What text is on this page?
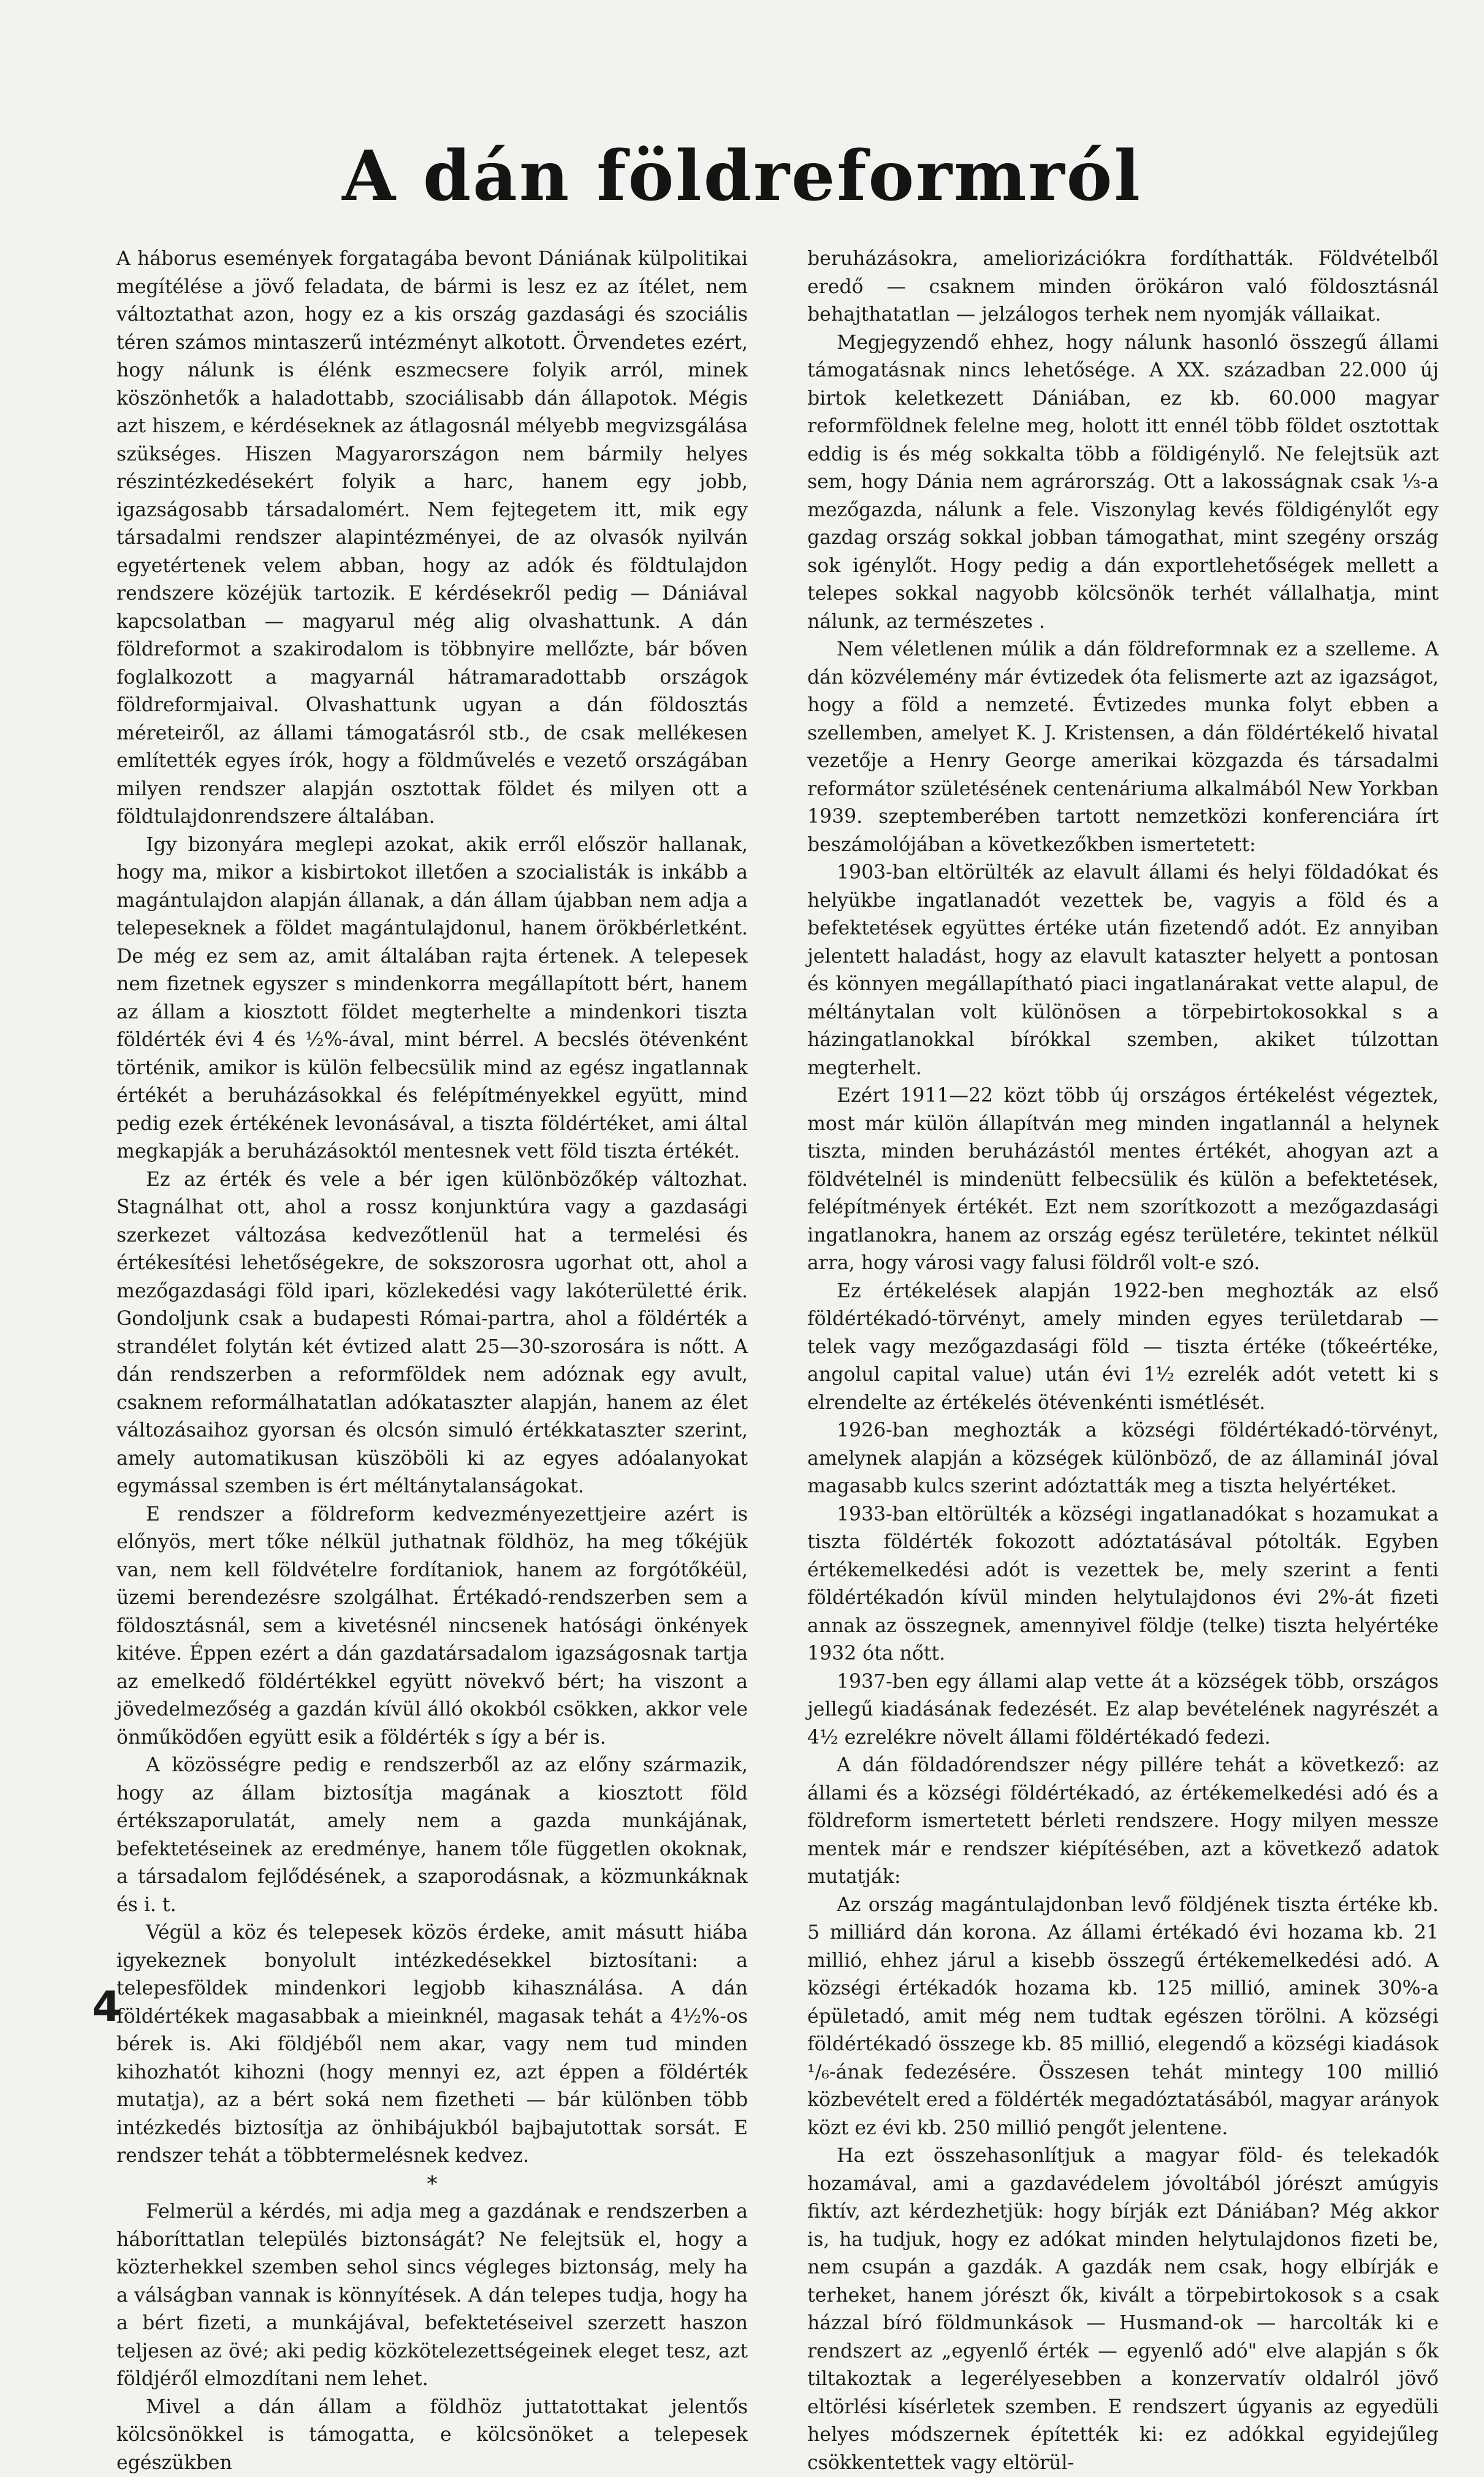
A dán földreformról

A háborus események forgatagába bevont Dániának külpolitikai megítélése a jövő feladata, de bármi is lesz ez az ítélet, nem változtathat azon, hogy ez a kis ország gazdasági és szociális téren számos mintaszerű intézményt alkotott. Örvendetes ezért, hogy nálunk is élénk eszmecsere folyik arról, minek köszönhetők a haladottabb, szociálisabb dán állapotok. Mégis azt hiszem, e kérdéseknek az átlagosnál mélyebb megvizsgálása szükséges. Hiszen Magyarországon nem bármily helyes részintézkedésekért folyik a harc, hanem egy jobb, igazságosabb társadalomért. Nem fejtegetem itt, mik egy társadalmi rendszer alapintézményei, de az olvasók nyilván egyetértenek velem abban, hogy az adók és földtulajdon rendszere közéjük tartozik. E kérdésekről pedig — Dániával kapcsolatban — magyarul még alig olvashattunk. A dán földreformot a szakirodalom is többnyire mellőzte, bár bőven foglalkozott a magyarnál hátramaradottabb országok földreformjaival. Olvashattunk ugyan a dán földosztás méreteiről, az állami támogatásról stb., de csak mellékesen említették egyes írók, hogy a földművelés e vezető országában milyen rendszer alapján osztottak földet és milyen ott a földtulajdonrendszere általában.

Igy bizonyára meglepi azokat, akik erről először hallanak, hogy ma, mikor a kisbirtokot illetően a szocialisták is inkább a magántulajdon alapján állanak, a dán állam újabban nem adja a telepeseknek a földet magántulajdonul, hanem örökbérletként. De még ez sem az, amit általában rajta értenek. A telepesek nem fizetnek egyszer s mindenkorra megállapított bért, hanem az állam a kiosztott földet megterhelte a mindenkori tiszta földérték évi 4 és ½%-ával, mint bérrel. A becslés ötévenként történik, amikor is külön felbecsülik mind az egész ingatlannak értékét a beruházásokkal és felépítményekkel együtt, mind pedig ezek értékének levonásával, a tiszta földértéket, ami által megkapják a beruházásoktól mentesnek vett föld tiszta értékét.

Ez az érték és vele a bér igen különbözőkép változhat. Stagnálhat ott, ahol a rossz konjunktúra vagy a gazdasági szerkezet változása kedvezőtlenül hat a termelési és értékesítési lehetőségekre, de sokszorosra ugorhat ott, ahol a mezőgazdasági föld ipari, közlekedési vagy lakóterületté érik. Gondoljunk csak a budapesti Római-partra, ahol a földérték a strandélet folytán két évtized alatt 25—30-szorosára is nőtt. A dán rendszerben a reformföldek nem adóznak egy avult, csaknem reformálhatatlan adókataszter alapján, hanem az élet változásaihoz gyorsan és olcsón simuló értékkataszter szerint, amely automatikusan küszöböli ki az egyes adóalanyokat egymással szemben is ért méltánytalanságokat.

E rendszer a földreform kedvezményezettjeire azért is előnyös, mert tőke nélkül juthatnak földhöz, ha meg tőkéjük van, nem kell földvételre fordítaniok, hanem az forgótőkéül, üzemi berendezésre szolgálhat. Értékadó-rendszerben sem a földosztásnál, sem a kivetésnél nincsenek hatósági önkények kitéve. Éppen ezért a dán gazdatársadalom igazságosnak tartja az emelkedő földértékkel együtt növekvő bért; ha viszont a jövedelmezőség a gazdán kívül álló okokból csökken, akkor vele önműködően együtt esik a földérték s így a bér is.

A közösségre pedig e rendszerből az az előny származik, hogy az állam biztosítja magának a kiosztott föld értékszaporulatát, amely nem a gazda munkájának, befektetéseinek az eredménye, hanem tőle független okoknak, a társadalom fejlődésének, a szaporodásnak, a közmunkáknak és i. t.

Végül a köz és telepesek közös érdeke, amit másutt hiába igyekeznek bonyolult intézkedésekkel biztosítani: a telepesföldek mindenkori legjobb kihasználása. A dán földértékek magasabbak a mieinknél, magasak tehát a 4½%-os bérek is. Aki földjéből nem akar, vagy nem tud minden kihozhatót kihozni (hogy mennyi ez, azt éppen a földérték mutatja), az a bért soká nem fizetheti — bár különben több intézkedés biztosítja az önhibájukból bajbajutottak sorsát. E rendszer tehát a többtermelésnek kedvez.

*

Felmerül a kérdés, mi adja meg a gazdának e rendszerben a háboríttatlan település biztonságát? Ne felejtsük el, hogy a közterhekkel szemben sehol sincs végleges biztonság, mely ha a válságban vannak is könnyítések. A dán telepes tudja, hogy ha a bért fizeti, a munkájával, befektetéseivel szerzett haszon teljesen az övé; aki pedig közkötelezettségeinek eleget tesz, azt földjéről elmozdítani nem lehet.

Mivel a dán állam a földhöz juttatottakat jelentős kölcsönökkel is támogatta, e kölcsönöket a telepesek egészükben

beruházásokra, ameliorizációkra fordíthatták. Földvételből eredő — csaknem minden örökáron való földosztásnál behajthatatlan — jelzálogos terhek nem nyomják vállaikat.

Megjegyzendő ehhez, hogy nálunk hasonló összegű állami támogatásnak nincs lehetősége. A XX. században 22.000 új birtok keletkezett Dániában, ez kb. 60.000 magyar reformföldnek felelne meg, holott itt ennél több földet osztottak eddig is és még sokkalta több a földigénylő. Ne felejtsük azt sem, hogy Dánia nem agrárország. Ott a lakosságnak csak ⅓-a mezőgazda, nálunk a fele. Viszonylag kevés földigénylőt egy gazdag ország sokkal jobban támogathat, mint szegény ország sok igénylőt. Hogy pedig a dán exportlehetőségek mellett a telepes sokkal nagyobb kölcsönök terhét vállalhatja, mint nálunk, az természetes .

Nem véletlenen múlik a dán földreformnak ez a szelleme. A dán közvélemény már évtizedek óta felismerte azt az igazságot, hogy a föld a nemzeté. Évtizedes munka folyt ebben a szellemben, amelyet K. J. Kristensen, a dán földértékelő hivatal vezetője a Henry George amerikai közgazda és társadalmi reformátor születésének centenáriuma alkalmából New Yorkban 1939. szeptemberében tartott nemzetközi konferenciára írt beszámolójában a következőkben ismertetett:

1903-ban eltörülték az elavult állami és helyi földadókat és helyükbe ingatlanadót vezettek be, vagyis a föld és a befektetések együttes értéke után fizetendő adót. Ez annyiban jelentett haladást, hogy az elavult kataszter helyett a pontosan és könnyen megállapítható piaci ingatlanárakat vette alapul, de méltánytalan volt különösen a törpebirtokosokkal s a házingatlanokkal bírókkal szemben, akiket túlzottan megterhelt.

Ezért 1911—22 közt több új országos értékelést végeztek, most már külön állapítván meg minden ingatlannál a helynek tiszta, minden beruházástól mentes értékét, ahogyan azt a földvételnél is mindenütt felbecsülik és külön a befektetések, felépítmények értékét. Ezt nem szorítkozott a mezőgazdasági ingatlanokra, hanem az ország egész területére, tekintet nélkül arra, hogy városi vagy falusi földről volt-e szó.

Ez értékelések alapján 1922-ben meghozták az első földértékadó-törvényt, amely minden egyes területdarab — telek vagy mezőgazdasági föld — tiszta értéke (tőkeértéke, angolul capital value) után évi 1½ ezrelék adót vetett ki s elrendelte az értékelés ötévenkénti ismétlését.

1926-ban meghozták a községi földértékadó-törvényt, amelynek alapján a községek különböző, de az államináI jóval magasabb kulcs szerint adóztatták meg a tiszta helyértéket.

1933-ban eltörülték a községi ingatlanadókat s hozamukat a tiszta földérték fokozott adóztatásával pótolták. Egyben értékemelkedési adót is vezettek be, mely szerint a fenti földértékadón kívül minden helytulajdonos évi 2%-át fizeti annak az összegnek, amennyivel földje (telke) tiszta helyértéke 1932 óta nőtt.

1937-ben egy állami alap vette át a községek több, országos jellegű kiadásának fedezését. Ez alap bevételének nagyrészét a 4½ ezrelékre növelt állami földértékadó fedezi.

A dán földadórendszer négy pillére tehát a következő: az állami és a községi földértékadó, az értékemelkedési adó és a földreform ismertetett bérleti rendszere. Hogy milyen messze mentek már e rendszer kiépítésében, azt a következő adatok mutatják:

Az ország magántulajdonban levő földjének tiszta értéke kb. 5 milliárd dán korona. Az állami értékadó évi hozama kb. 21 millió, ehhez járul a kisebb összegű értékemelkedési adó. A községi értékadók hozama kb. 125 millió, aminek 30%-a épületadó, amit még nem tudtak egészen törölni. A községi földértékadó összege kb. 85 millió, elegendő a községi kiadások ¹/₆-ának fedezésére. Összesen tehát mintegy 100 millió közbevételt ered a földérték megadóztatásából, magyar arányok közt ez évi kb. 250 millió pengőt jelentene.

Ha ezt összehasonlítjuk a magyar föld- és telekadók hozamával, ami a gazdavédelem jóvoltából jórészt amúgyis fiktív, azt kérdezhetjük: hogy bírják ezt Dániában? Még akkor is, ha tudjuk, hogy ez adókat minden helytulajdonos fizeti be, nem csupán a gazdák. A gazdák nem csak, hogy elbírják e terheket, hanem jórészt ők, kivált a törpebirtokosok s a csak házzal bíró földmunkások — Husmand-ok — harcolták ki e rendszert az „egyenlő érték — egyenlő adó" elve alapján s ők tiltakoztak a legerélyesebben a konzervatív oldalról jövő eltörlési kísérletek szemben. E rendszert úgyanis az egyedüli helyes módszernek építették ki: ez adókkal egyidejűleg csökkentettek vagy eltörül-

4
